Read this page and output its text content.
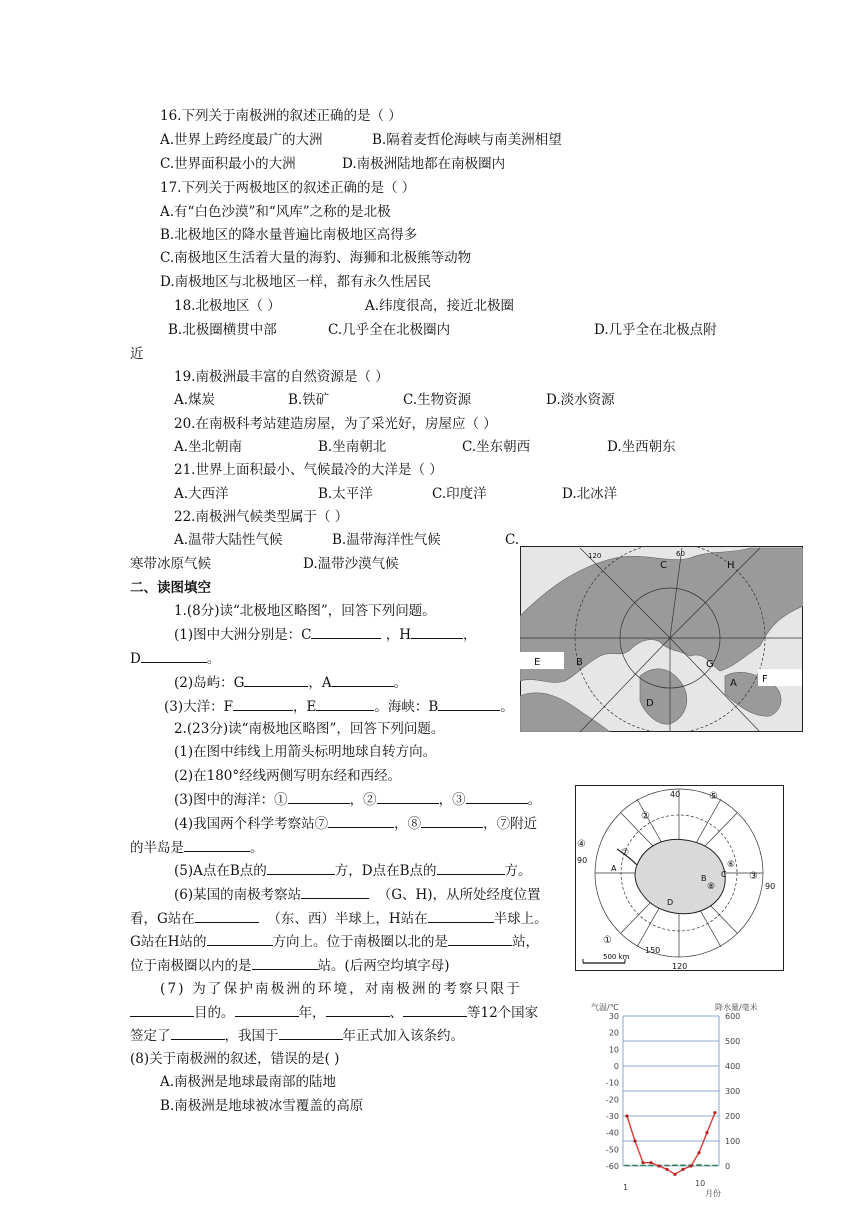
16.下列关于南极洲的叙述正确的是（ ）
A.世界上跨经度最广的大洲	B.隔着麦哲伦海峡与南美洲相望
C.世界面积最小的大洲	D.南极洲陆地都在南极圈内
17.下列关于两极地区的叙述正确的是（ ）
A.有“白色沙漠”和“风库”之称的是北极
B.北极地区的降水量普遍比南极地区高得多
C.南极地区生活着大量的海豹、海狮和北极熊等动物
D.南极地区与北极地区一样，都有永久性居民
18.北极地区（ ）	A.纬度很高，接近北极圈
B.北极圈横贯中部	C.几乎全在北极圈内	D.几乎全在北极点附
近
19.南极洲最丰富的自然资源是（ ）
A.煤炭	B.铁矿	C.生物资源	D.淡水资源
20.在南极科考站建造房屋，为了采光好，房屋应（ ）
A.坐北朝南	B.坐南朝北	C.坐东朝西	D.坐西朝东
21.世界上面积最小、气候最冷的大洋是（ ）
A.大西洋	B.太平洋	C.印度洋	D.北冰洋
22.南极洲气候类型属于（ ）
A.温带大陆性气候	B.温带海洋性气候	C.
寒带冰原气候	D.温带沙漠气候
二、读图填空
1.(8分)读“北极地区略图”，回答下列问题。
(1)图中大洲分别是：C	，H	，
D	。
(2)岛屿：G	，A	。
(3)大洋：F	，E	。海峡：B	。
2.(23分)读“南极地区略图”，回答下列问题。
(1)在图中纬线上用箭头标明地球自转方向。
(2)在180°经线两侧写明东经和西经。
(3)图中的海洋：①	，②	，③	。
(4)我国两个科学考察站⑦	，⑧	，⑦附近
的半岛是	。
(5)A点在B点的	方，D点在B点的	方。
(6)某国的南极考察站	（G、H)，从所处经度位置
看，G站在	（东、西）半球上，H站在	半球上。
G站在H站的	方向上。位于南极圈以北的是	站，
位于南极圈以内的是	站。(后两空均填字母)
(7) 为了保护南极洲的环境，对南极洲的考察只限于
目的。	年，	、	等12个国家
签定了	，我国于	年正式加入该条约。
(8)关于南极洲的叙述，错误的是( )
A.南极洲是地球最南部的陆地
B.南极洲是地球被冰雪覆盖的高原
120	60
C	H
E	B	G
A	F
D
40
150
120
90
90
⑤
②
③
①
④
⑦
⑧
⑥
A
B C
D
500 km
气温/℃	降水量/毫米
30
20
10
0
-10
-20
-30
-40
-50
-60
600
500
400
300
200
100
0
1	10
月份
